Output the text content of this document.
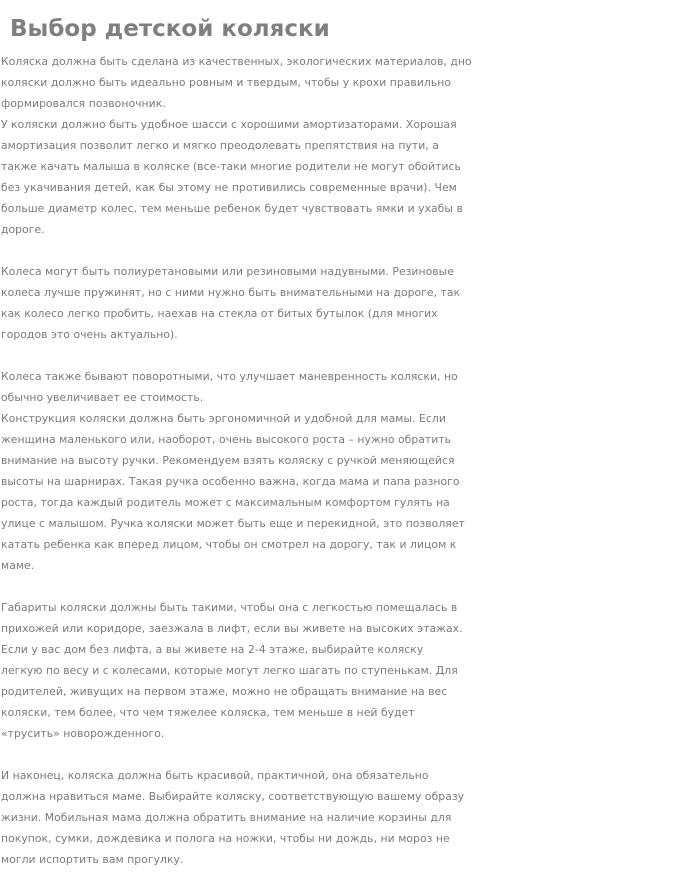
Выбор детской коляски
Коляска должна быть сделана из качественных, экологических материалов, дно
коляски должно быть идеально ровным и твердым, чтобы у крохи правильно
формировался позвоночник.
У коляски должно быть удобное шасси с хорошими амортизаторами. Хорошая
амортизация позволит легко и мягко преодолевать препятствия на пути, а
также качать малыша в коляске (все-таки многие родители не могут обойтись
без укачивания детей, как бы этому не противились современные врачи). Чем
больше диаметр колес, тем меньше ребенок будет чувствовать ямки и ухабы в
дороге.
Колеса могут быть полиуретановыми или резиновыми надувными. Резиновые
колеса лучше пружинят, но с ними нужно быть внимательными на дороге, так
как колесо легко пробить, наехав на стекла от битых бутылок (для многих
городов это очень актуально).
Колеса также бывают поворотными, что улучшает маневренность коляски, но
обычно увеличивает ее стоимость.
Конструкция коляски должна быть эргономичной и удобной для мамы. Если
женщина маленького или, наоборот, очень высокого роста – нужно обратить
внимание на высоту ручки. Рекомендуем взять коляску с ручкой меняющейся
высоты на шарнирах. Такая ручка особенно важна, когда мама и папа разного
роста, тогда каждый родитель может с максимальным комфортом гулять на
улице с малышом. Ручка коляски может быть еще и перекидной, это позволяет
катать ребенка как вперед лицом, чтобы он смотрел на дорогу, так и лицом к
маме.
Габариты коляски должны быть такими, чтобы она с легкостью помещалась в
прихожей или коридоре, заезжала в лифт, если вы живете на высоких этажах.
Если у вас дом без лифта, а вы живете на 2-4 этаже, выбирайте коляску
легкую по весу и с колесами, которые могут легко шагать по ступенькам. Для
родителей, живущих на первом этаже, можно не обращать внимание на вес
коляски, тем более, что чем тяжелее коляска, тем меньше в ней будет
«трусить» новорожденного.
И наконец, коляска должна быть красивой, практичной, она обязательно
должна нравиться маме. Выбирайте коляску, соответствующую вашему образу
жизни. Мобильная мама должна обратить внимание на наличие корзины для
покупок, сумки, дождевика и полога на ножки, чтобы ни дождь, ни мороз не
могли испортить вам прогулку.
